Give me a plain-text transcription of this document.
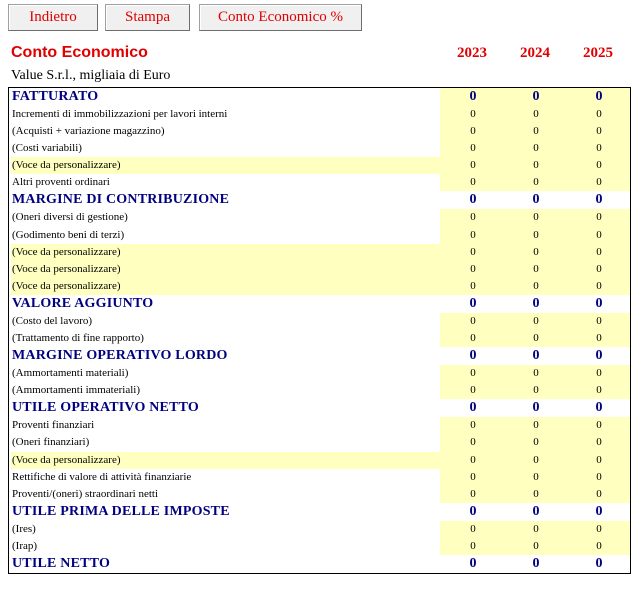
Indietro	Stampa	Conto Economico %
Conto Economico	2023	2024	2025
Value S.r.l., migliaia di Euro
FATTURATO	0	0	0
Incrementi di immobilizzazioni per lavori interni	0	0	0
(Acquisti + variazione magazzino)	0	0	0
(Costi variabili)	0	0	0
(Voce da personalizzare)	0	0	0
Altri proventi ordinari	0	0	0
MARGINE DI CONTRIBUZIONE	0	0	0
(Oneri diversi di gestione)	0	0	0
(Godimento beni di terzi)	0	0	0
(Voce da personalizzare)	0	0	0
(Voce da personalizzare)	0	0	0
(Voce da personalizzare)	0	0	0
VALORE AGGIUNTO	0	0	0
(Costo del lavoro)	0	0	0
(Trattamento di fine rapporto)	0	0	0
MARGINE OPERATIVO LORDO	0	0	0
(Ammortamenti materiali)	0	0	0
(Ammortamenti immateriali)	0	0	0
UTILE OPERATIVO NETTO	0	0	0
Proventi finanziari	0	0	0
(Oneri finanziari)	0	0	0
(Voce da personalizzare)	0	0	0
Rettifiche di valore di attività finanziarie	0	0	0
Proventi/(oneri) straordinari netti	0	0	0
UTILE PRIMA DELLE IMPOSTE	0	0	0
(Ires)	0	0	0
(Irap)	0	0	0
UTILE NETTO	0	0	0
